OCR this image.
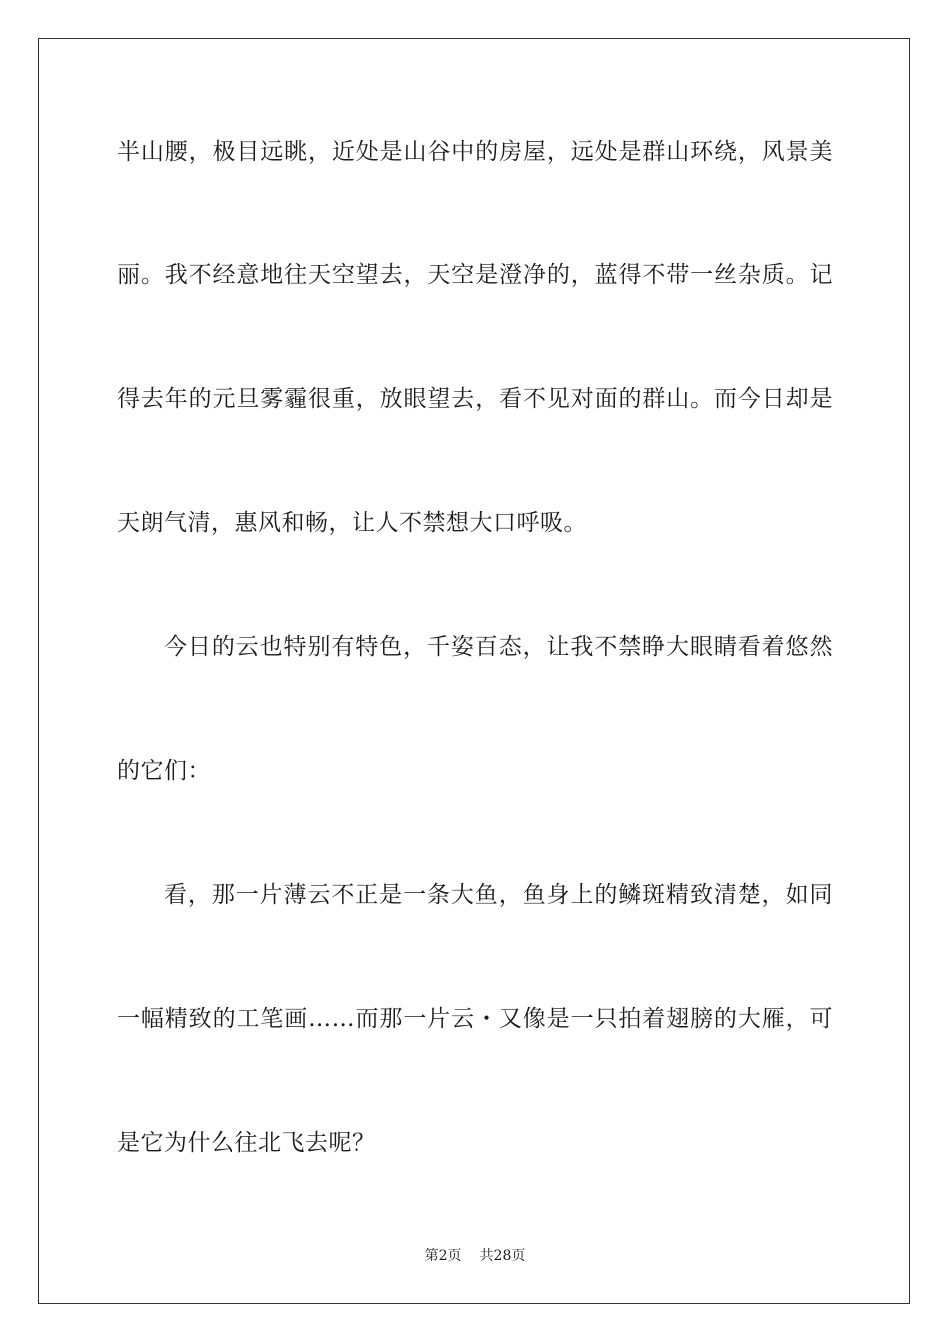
半山腰，极目远眺，近处是山谷中的房屋，远处是群山环绕，风景美
丽。我不经意地往天空望去，天空是澄净的，蓝得不带一丝杂质。记
得去年的元旦雾霾很重，放眼望去，看不见对面的群山。而今日却是
天朗气清，惠风和畅，让人不禁想大口呼吸。
今日的云也特别有特色，千姿百态，让我不禁睁大眼睛看着悠然
的它们：
看，那一片薄云不正是一条大鱼，鱼身上的鳞斑精致清楚，如同
一幅精致的工笔画……而那一片云・又像是一只拍着翅膀的大雁，可
是它为什么往北飞去呢？
第2页 共28页
